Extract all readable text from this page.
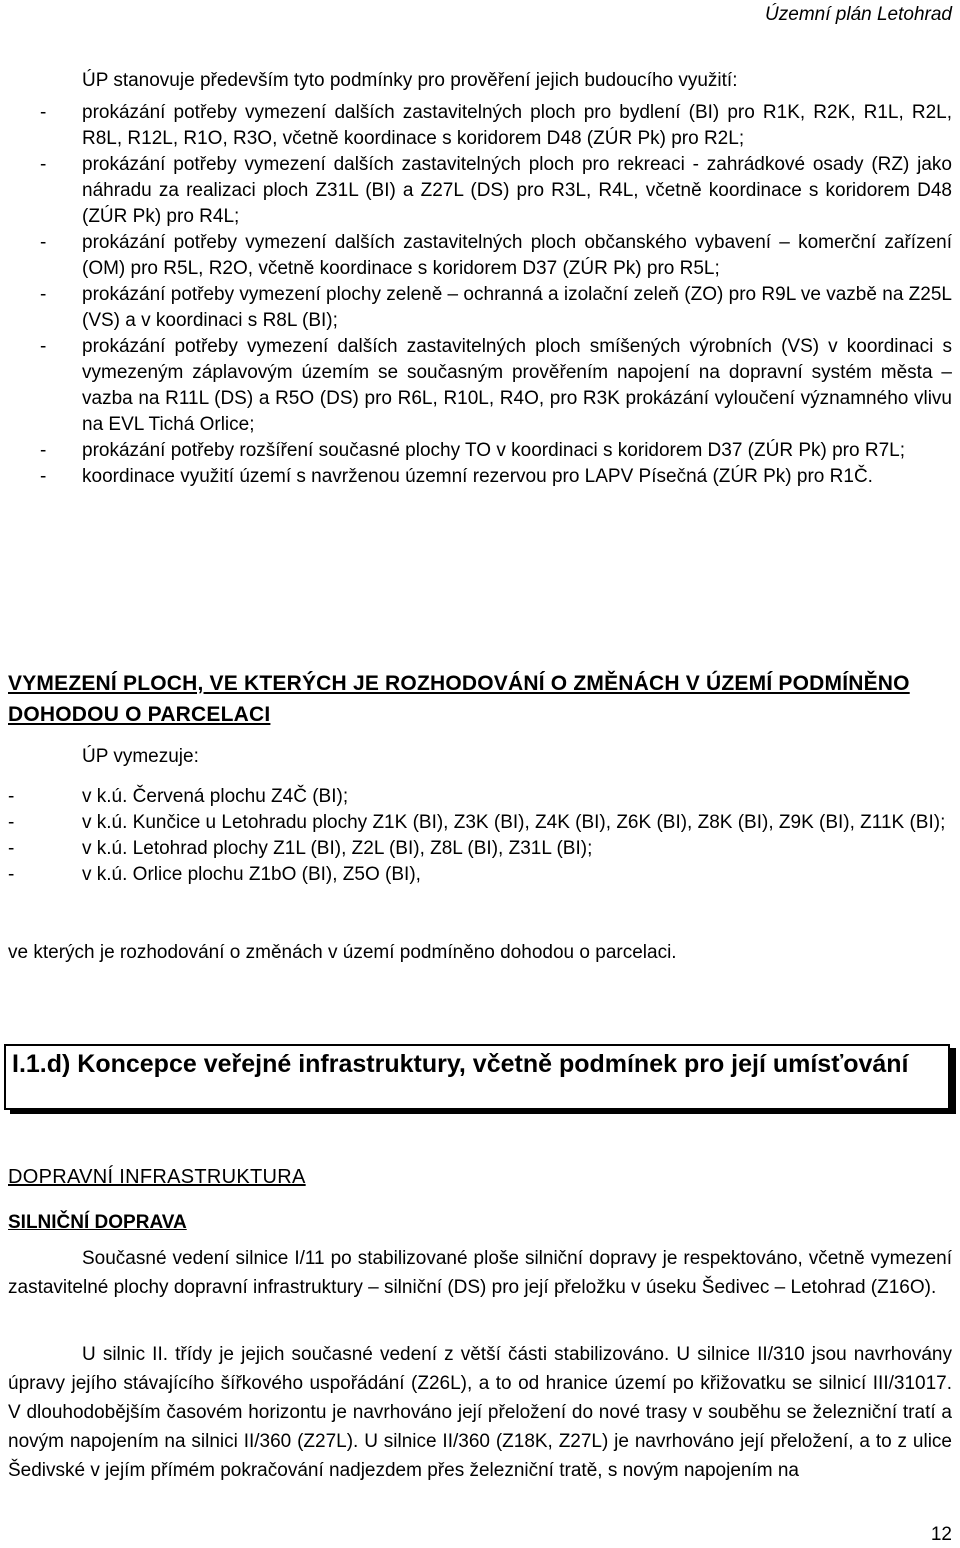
Územní plán Letohrad
ÚP stanovuje především tyto podmínky pro prověření jejich budoucího využití:
- prokázání potřeby vymezení dalších zastavitelných ploch pro bydlení (BI) pro R1K, R2K, R1L, R2L, R8L, R12L, R1O, R3O, včetně koordinace s koridorem D48 (ZÚR Pk) pro R2L;
- prokázání potřeby vymezení dalších zastavitelných ploch pro rekreaci - zahrádkové osady (RZ) jako náhradu za realizaci ploch Z31L (BI) a Z27L (DS) pro R3L, R4L, včetně koordinace s koridorem D48 (ZÚR Pk) pro R4L;
- prokázání potřeby vymezení dalších zastavitelných ploch občanského vybavení – komerční zařízení (OM) pro R5L, R2O, včetně koordinace s koridorem D37 (ZÚR Pk) pro R5L;
- prokázání potřeby vymezení plochy zeleně – ochranná a izolační zeleň (ZO) pro R9L ve vazbě na Z25L (VS) a v koordinaci s R8L (BI);
- prokázání potřeby vymezení dalších zastavitelných ploch smíšených výrobních (VS) v koordinaci s vymezeným záplavovým územím se současným prověřením napojení na dopravní systém města – vazba na R11L (DS) a R5O (DS) pro R6L, R10L, R4O, pro R3K prokázání vyloučení významného vlivu na EVL Tichá Orlice;
- prokázání potřeby rozšíření současné plochy TO v koordinaci s koridorem D37 (ZÚR Pk) pro R7L;
- koordinace využití území s navrženou územní rezervou pro LAPV Písečná (ZÚR Pk) pro R1Č.
VYMEZENÍ PLOCH, VE KTERÝCH JE ROZHODOVÁNÍ O ZMĚNÁCH V ÚZEMÍ PODMÍNĚNO DOHODOU O PARCELACI
ÚP vymezuje:
- v k.ú. Červená plochu Z4Č (BI);
- v k.ú. Kunčice u Letohradu plochy Z1K (BI), Z3K (BI), Z4K (BI), Z6K (BI), Z8K (BI), Z9K (BI), Z11K (BI);
- v k.ú. Letohrad plochy Z1L (BI), Z2L (BI), Z8L (BI), Z31L (BI);
- v k.ú. Orlice plochu Z1bO (BI), Z5O (BI),
ve kterých je rozhodování o změnách v území podmíněno dohodou o parcelaci.
I.1.d) Koncepce veřejné infrastruktury, včetně podmínek pro její umísťování
DOPRAVNÍ INFRASTRUKTURA
SILNIČNÍ DOPRAVA

Současné vedení silnice I/11 po stabilizované ploše silniční dopravy je respektováno, včetně vymezení zastavitelné plochy dopravní infrastruktury – silniční (DS) pro její přeložku v úseku Šedivec – Letohrad (Z16O).

U silnic II. třídy je jejich současné vedení z větší části stabilizováno. U silnice II/310 jsou navrhovány úpravy jejího stávajícího šířkového uspořádání (Z26L), a to od hranice území po křižovatku se silnicí III/31017. V dlouhodobějším časovém horizontu je navrhováno její přeložení do nové trasy v souběhu se železniční tratí a novým napojením na silnici II/360 (Z27L). U silnice II/360 (Z18K, Z27L) je navrhováno její přeložení, a to z ulice Šedivské v jejím přímém pokračování nadjezdem přes železniční tratě, s novým napojením na

12
